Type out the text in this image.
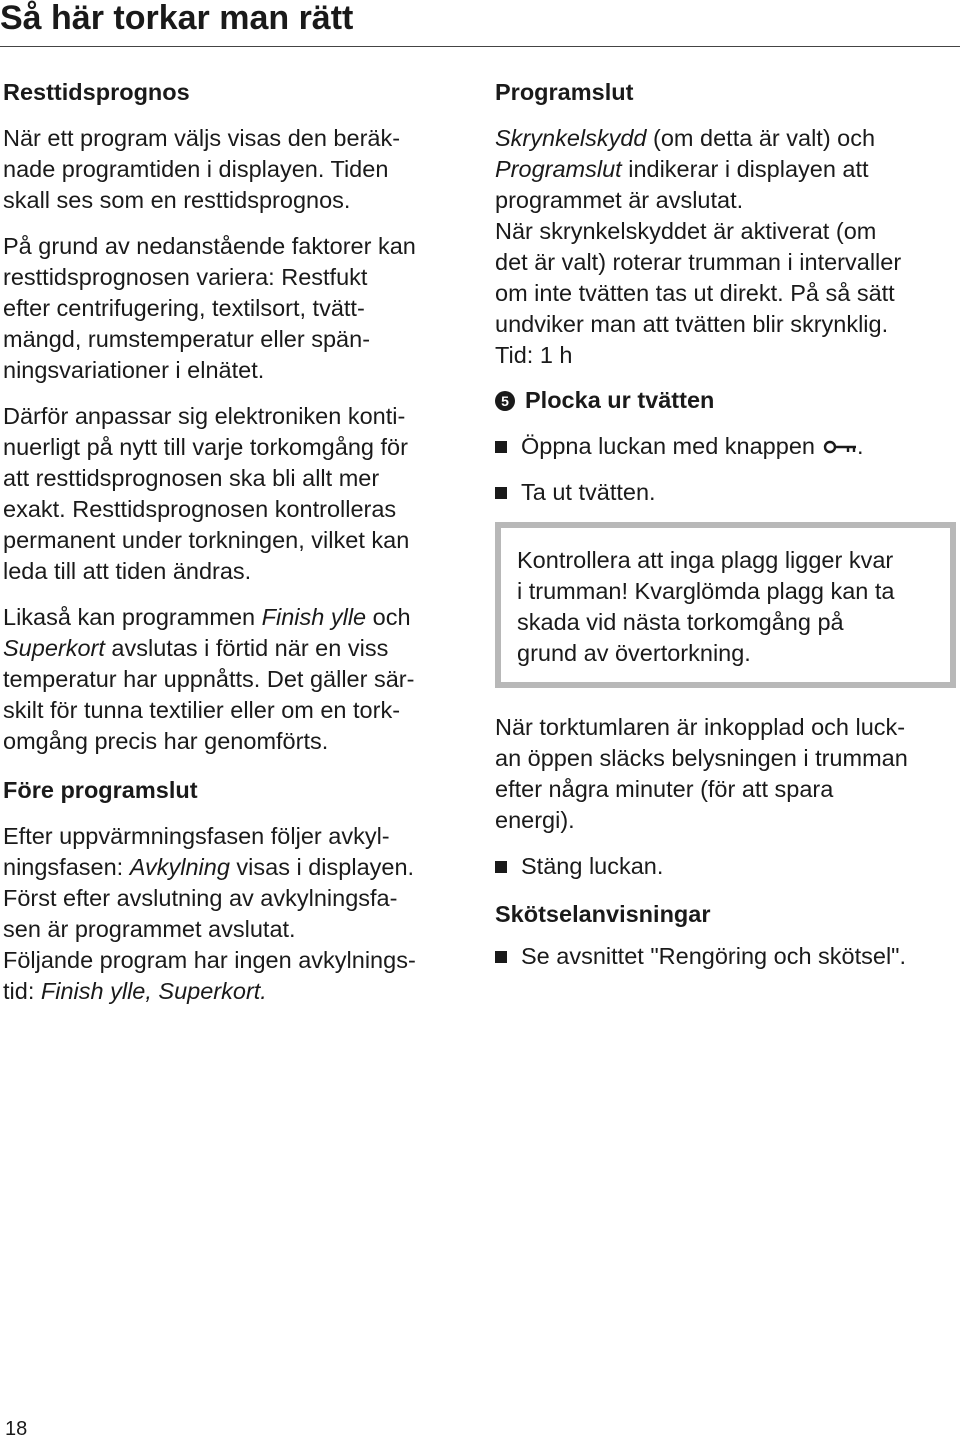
Så här torkar man rätt
Resttidsprognos

När ett program väljs visas den beräk-
nade programtiden i displayen. Tiden
skall ses som en resttidsprognos.

På grund av nedanstående faktorer kan
resttidsprognosen variera: Restfukt
efter centrifugering, textilsort, tvätt-
mängd, rumstemperatur eller spän-
ningsvariationer i elnätet.

Därför anpassar sig elektroniken konti-
nuerligt på nytt till varje torkomgång för
att resttidsprognosen ska bli allt mer
exakt. Resttidsprognosen kontrolleras
permanent under torkningen, vilket kan
leda till att tiden ändras.

Likaså kan programmen Finish ylle och
Superkort avslutas i förtid när en viss
temperatur har uppnåtts. Det gäller sär-
skilt för tunna textilier eller om en tork-
omgång precis har genomförts.

Före programslut

Efter uppvärmningsfasen följer avkyl-
ningsfasen: Avkylning visas i displayen.
Först efter avslutning av avkylningsfa-
sen är programmet avslutat.
Följande program har ingen avkylnings-
tid: Finish ylle, Superkort.

Programslut

Skrynkelskydd (om detta är valt) och
Programslut indikerar i displayen att
programmet är avslutat.
När skrynkelskyddet är aktiverat (om
det är valt) roterar trumman i intervaller
om inte tvätten tas ut direkt. På så sätt
undviker man att tvätten blir skrynklig.
Tid: 1 h

5 Plocka ur tvätten
Öppna luckan med knappen .
Ta ut tvätten.

Kontrollera att inga plagg ligger kvar
i trumman! Kvarglömda plagg kan ta
skada vid nästa torkomgång på
grund av övertorkning.

När torktumlaren är inkopplad och luck-
an öppen släcks belysningen i trumman
efter några minuter (för att spara
energi).

Stäng luckan.
Skötselanvisningar
Se avsnittet "Rengöring och skötsel".
18
